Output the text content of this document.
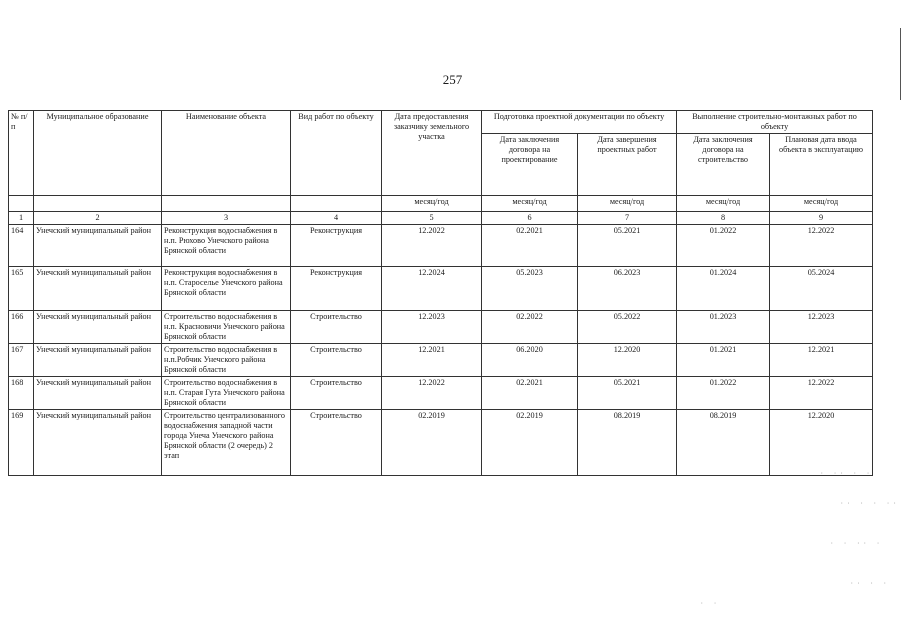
257
№ п/п	Муниципальное образование	Наименование объекта	Вид работ по объекту	Дата предоставления заказчику земельного участка	Подготовка проектной документации по объекту		Выполнение строительно-монтажных работ по объекту	
					Дата заключения договора на проектирование	Дата завершения проектных работ	Дата заключения договора на строительство	Плановая дата ввода объекта в эксплуатацию
				месяц/год	месяц/год	месяц/год	месяц/год	месяц/год
1	2	3	4	5	6	7	8	9
164	Унечский муниципальный район	Реконструкция водоснабжения в н.п. Рюхово Унечского района Брянской области	Реконструкция	12.2022	02.2021	05.2021	01.2022	12.2022
165	Унечский муниципальный район	Реконструкция водоснабжения в н.п. Староселье Унечского района Брянской области	Реконструкция	12.2024	05.2023	06.2023	01.2024	05.2024
166	Унечский муниципальный район	Строительство водоснабжения в н.п. Красновичи Унечского района Брянской области	Строительство	12.2023	02.2022	05.2022	01.2023	12.2023
167	Унечский муниципальный район	Строительство водоснабжения в н.п.Робчик Унечского района Брянской области	Строительство	12.2021	06.2020	12.2020	01.2021	12.2021
168	Унечский муниципальный район	Строительство водоснабжения в н.п. Старая Гута Унечского района Брянской области	Строительство	12.2022	02.2021	05.2021	01.2022	12.2022
169	Унечский муниципальный район	Строительство централизованного водоснабжения западной части города Унеча Унечского района Брянской области (2 очередь) 2 этап	Строительство	02.2019	02.2019	08.2019	08.2019	12.2020
· ·· · ·
·· · · ··
· · ·· ·
·· · ·
· ·
